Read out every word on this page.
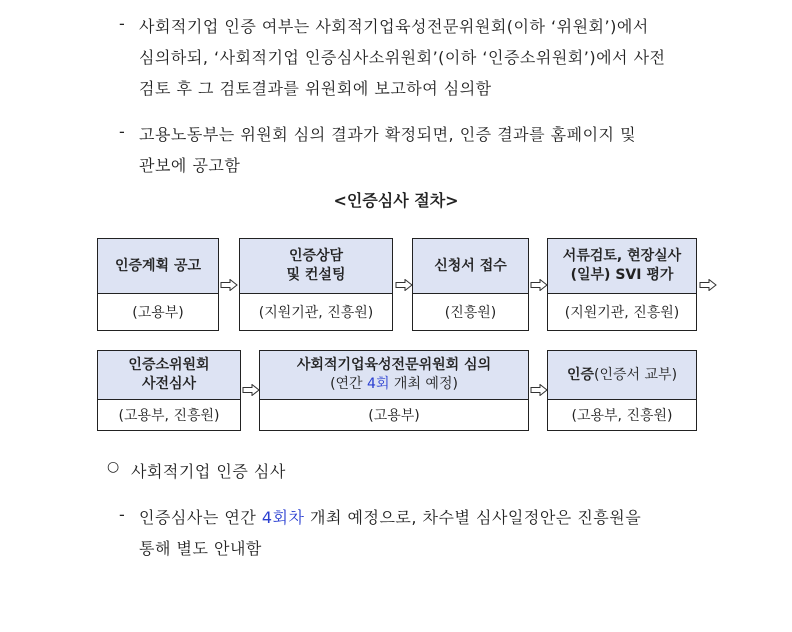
- 사회적기업 인증 여부는 사회적기업육성전문위원회(이하 ‘위원회’)에서
심의하되, ‘사회적기업 인증심사소위원회’(이하 ‘인증소위원회’)에서 사전
검토 후 그 검토결과를 위원회에 보고하여 심의함
- 고용노동부는 위원회 심의 결과가 확정되면, 인증 결과를 홈페이지 및
관보에 공고함
<인증심사 절차>
인증계획 공고
(고용부)
인증상담
및 컨설팅
(지원기관, 진흥원)
신청서 접수
(진흥원)
서류검토, 현장실사
(일부) SVI 평가
(지원기관, 진흥원)
인증소위원회
사전심사
(고용부, 진흥원)
사회적기업육성전문위원회 심의
(연간 4회 개최 예정)
(고용부)
인증(인증서 교부)
(고용부, 진흥원)
○ 사회적기업 인증 심사
- 인증심사는 연간 4회차 개최 예정으로, 차수별 심사일정안은 진흥원을
통해 별도 안내함
